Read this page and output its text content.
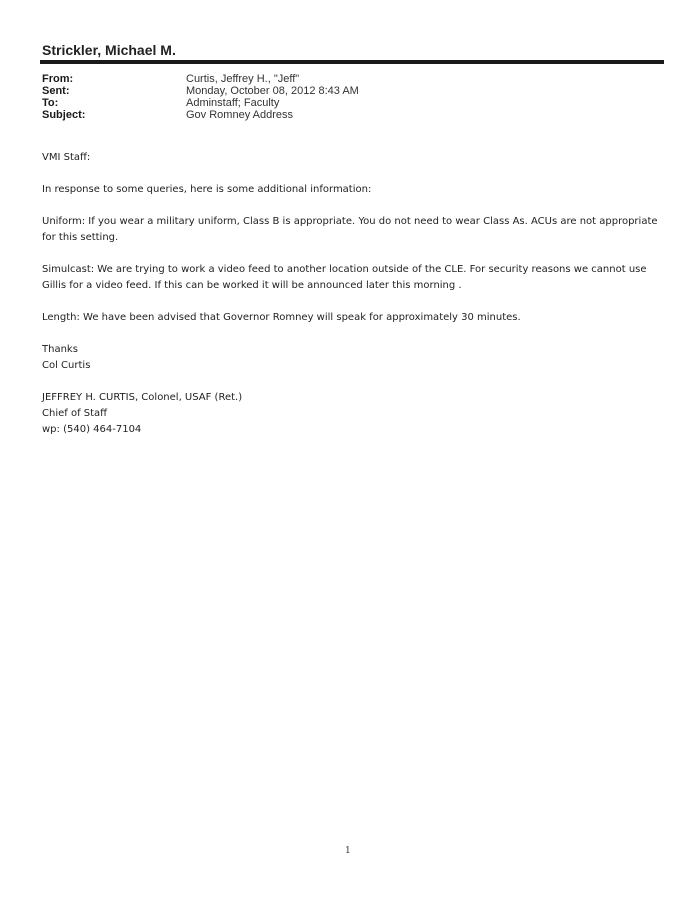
Strickler, Michael M.
From:	Curtis, Jeffrey H., "Jeff"
Sent:	Monday, October 08, 2012 8:43 AM
To:	Adminstaff; Faculty
Subject:	Gov Romney Address

VMI Staff:

In response to some queries, here is some additional information:

Uniform: If you wear a military uniform, Class B is appropriate. You do not need to wear Class As. ACUs are not appropriate for this setting.

Simulcast: We are trying to work a video feed to another location outside of the CLE. For security reasons we cannot use Gillis for a video feed. If this can be worked it will be announced later this morning .

Length: We have been advised that Governor Romney will speak for approximately 30 minutes.

Thanks
Col Curtis

JEFFREY H. CURTIS, Colonel, USAF (Ret.)
Chief of Staff
wp: (540) 464-7104

1
